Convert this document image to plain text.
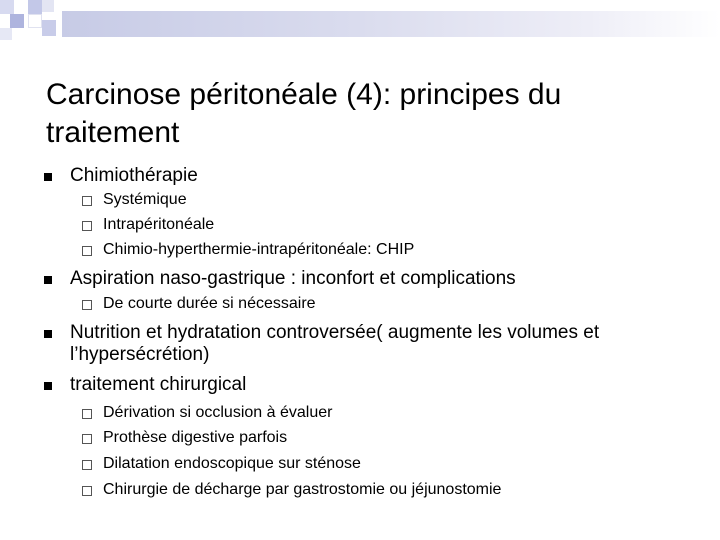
Carcinose péritonéale (4): principes du traitement
Chimiothérapie
Systémique
Intrapéritonéale
Chimio-hyperthermie-intrapéritonéale: CHIP
Aspiration naso-gastrique : inconfort et complications
De courte durée si nécessaire
Nutrition et hydratation controversée( augmente les volumes et l’hypersécrétion)
traitement chirurgical
Dérivation si occlusion à évaluer
Prothèse digestive parfois
Dilatation endoscopique sur sténose
Chirurgie de décharge par gastrostomie ou jéjunostomie
